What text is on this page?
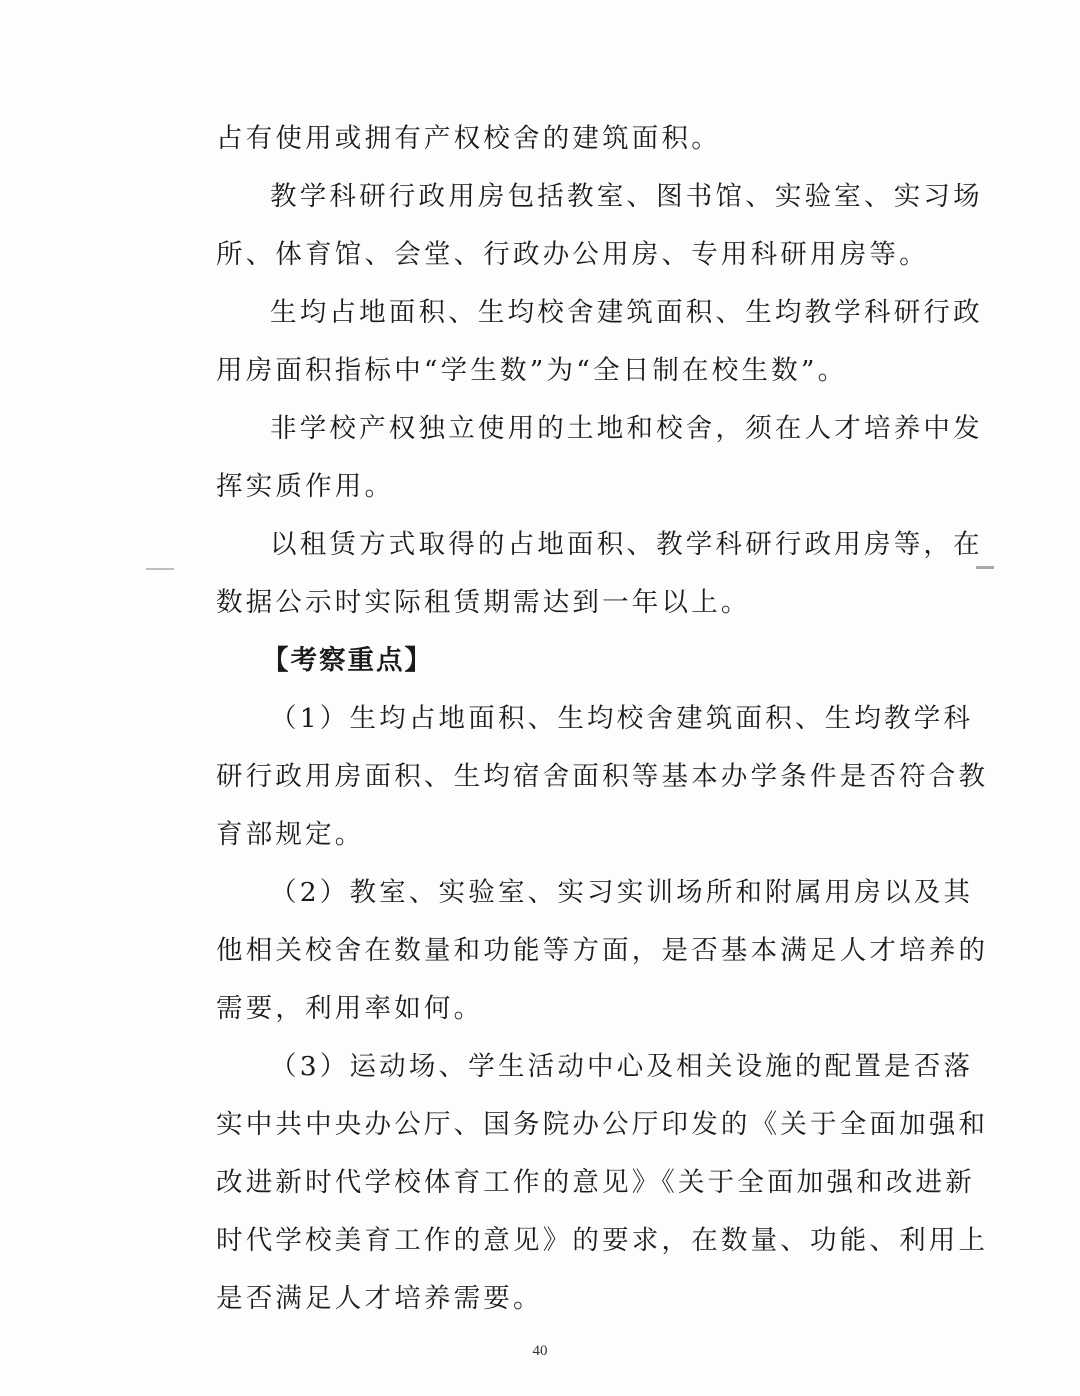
占有使用或拥有产权校舍的建筑面积。
教学科研行政用房包括教室、图书馆、实验室、实习场
所、体育馆、会堂、行政办公用房、专用科研用房等。
生均占地面积、生均校舍建筑面积、生均教学科研行政
用房面积指标中“学生数”为“全日制在校生数”。
非学校产权独立使用的土地和校舍，须在人才培养中发
挥实质作用。
以租赁方式取得的占地面积、教学科研行政用房等，在
数据公示时实际租赁期需达到一年以上。
【考察重点】
（1）生均占地面积、生均校舍建筑面积、生均教学科
研行政用房面积、生均宿舍面积等基本办学条件是否符合教
育部规定。
（2）教室、实验室、实习实训场所和附属用房以及其
他相关校舍在数量和功能等方面，是否基本满足人才培养的
需要，利用率如何。
（3）运动场、学生活动中心及相关设施的配置是否落
实中共中央办公厅、国务院办公厅印发的《关于全面加强和
改进新时代学校体育工作的意见》《关于全面加强和改进新
时代学校美育工作的意见》的要求，在数量、功能、利用上
是否满足人才培养需要。
40
